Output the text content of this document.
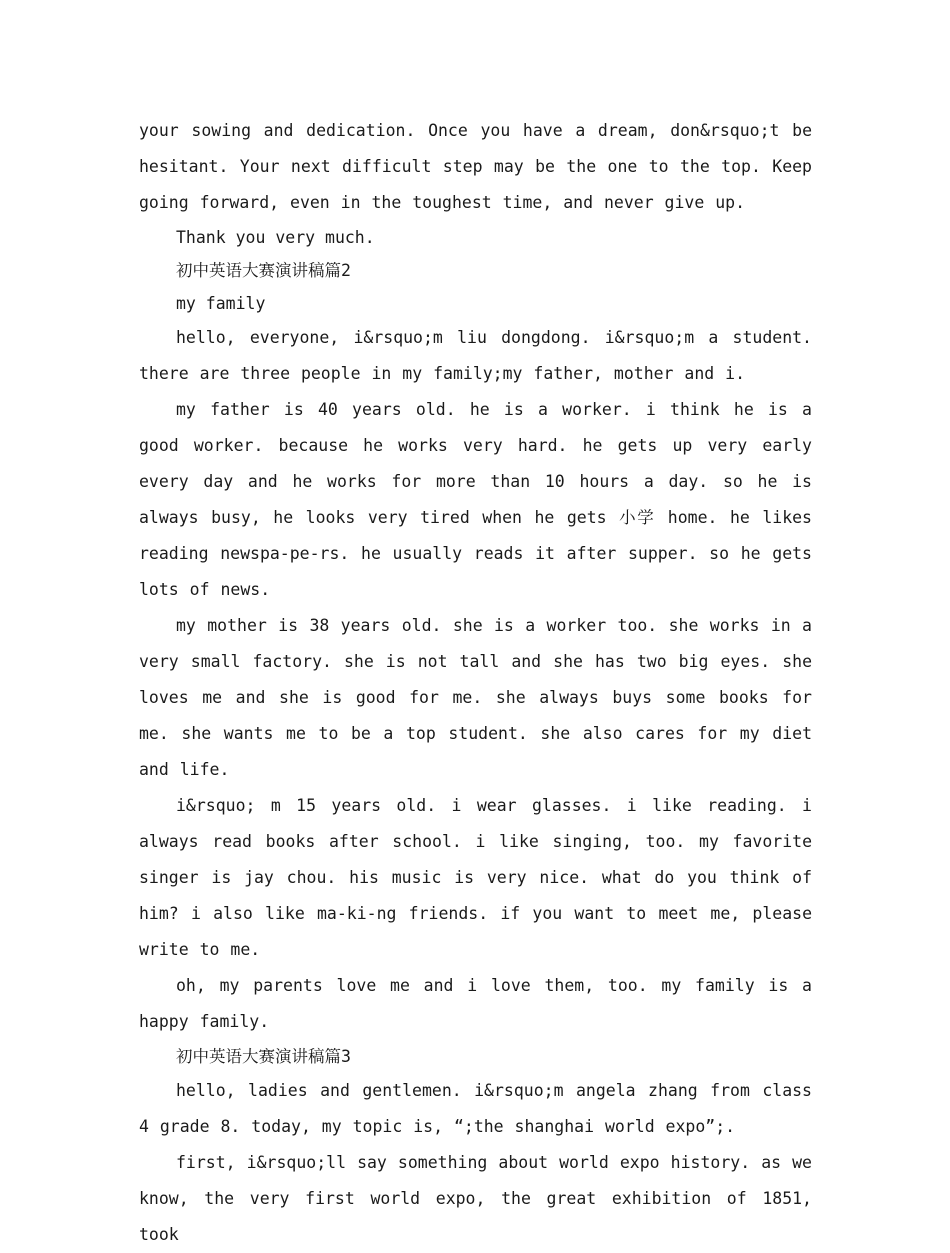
your sowing and dedication. Once you have a dream, don&rsquo;t be hesitant. Your next difficult step may be the one to the top. Keep going forward, even in the toughest time, and never give up.

Thank you very much.

初中英语大赛演讲稿篇2

my family

hello, everyone, i&rsquo;m liu dongdong. i&rsquo;m a student. there are three people in my family;my father, mother and i.

my father is 40 years old. he is a worker. i think he is a good worker. because he works very hard. he gets up very early every day and he works for more than 10 hours a day. so he is always busy, he looks very tired when he gets 小学 home. he likes reading newspa-pe-rs. he usually reads it after supper. so he gets lots of news.

my mother is 38 years old. she is a worker too. she works in a very small factory. she is not tall and she has two big eyes. she loves me and she is good for me. she always buys some books for me. she wants me to be a top student. she also cares for my diet and life.

i&rsquo; m 15 years old. i wear glasses. i like reading. i always read books after school. i like singing, too. my favorite singer is jay chou. his music is very nice. what do you think of him? i also like ma-ki-ng friends. if you want to meet me, please write to me.

oh, my parents love me and i love them, too. my family is a happy family.

初中英语大赛演讲稿篇3

hello, ladies and gentlemen. i&rsquo;m angela zhang from class 4 grade 8. today, my topic is, “;the shanghai world expo”;.

first, i&rsquo;ll say something about world expo history. as we know, the very first world expo, the great exhibition of 1851, took
